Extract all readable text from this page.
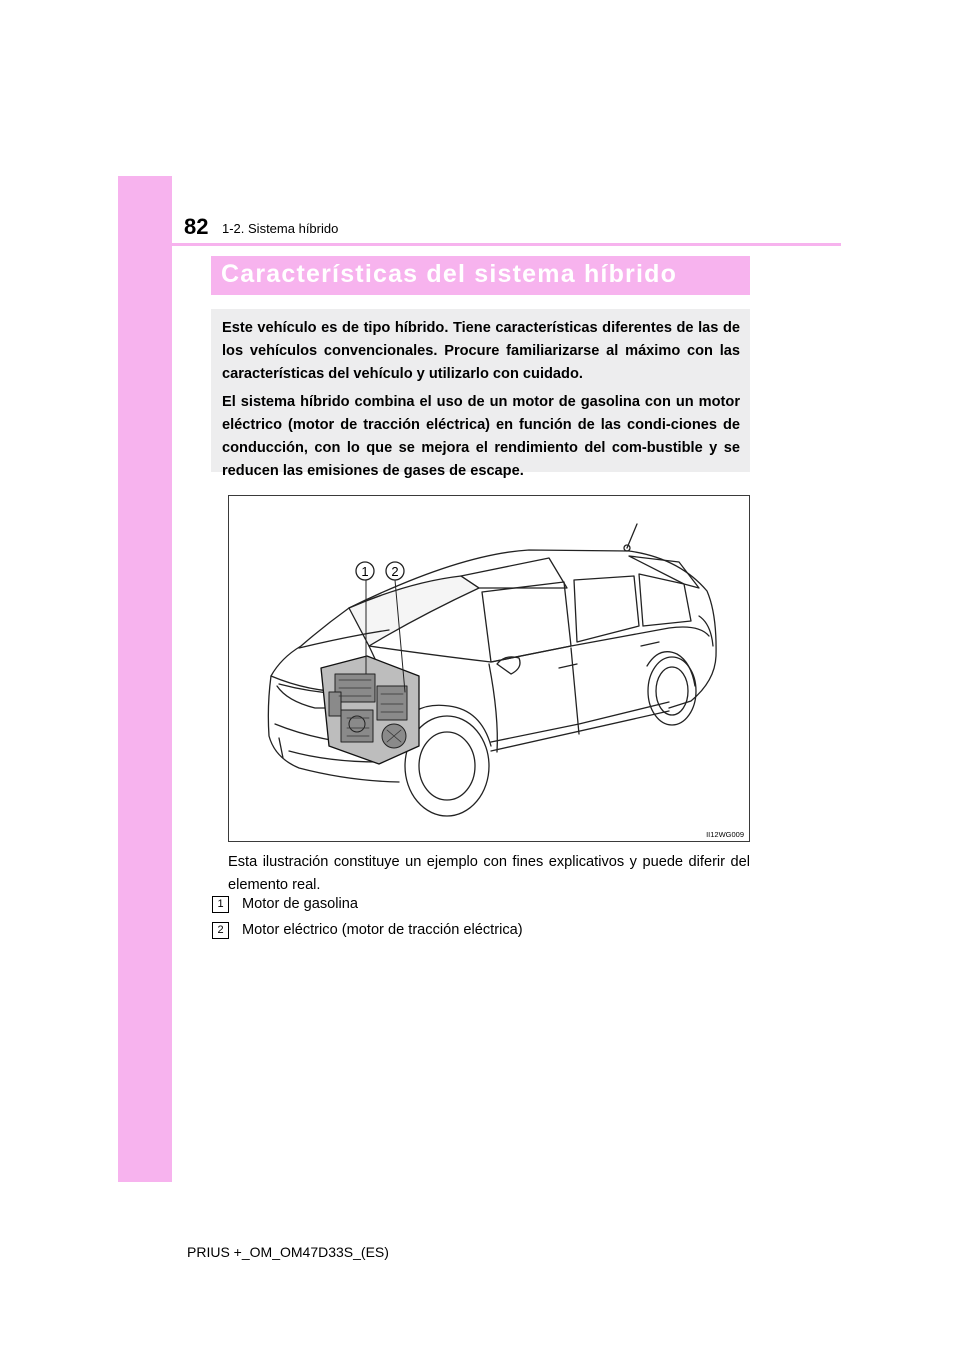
82 1-2. Sistema híbrido
Características del sistema híbrido

Este vehículo es de tipo híbrido. Tiene características diferentes de las de los vehículos convencionales. Procure familiarizarse al máximo con las características del vehículo y utilizarlo con cuidado.

El sistema híbrido combina el uso de un motor de gasolina con un motor eléctrico (motor de tracción eléctrica) en función de las condi-ciones de conducción, con lo que se mejora el rendimiento del com-bustible y se reducen las emisiones de gases de escape.

1 2
II12WG009

Esta ilustración constituye un ejemplo con fines explicativos y puede diferir del elemento real.

1	Motor de gasolina
2	Motor eléctrico (motor de tracción eléctrica)
PRIUS +_OM_OM47D33S_(ES)
